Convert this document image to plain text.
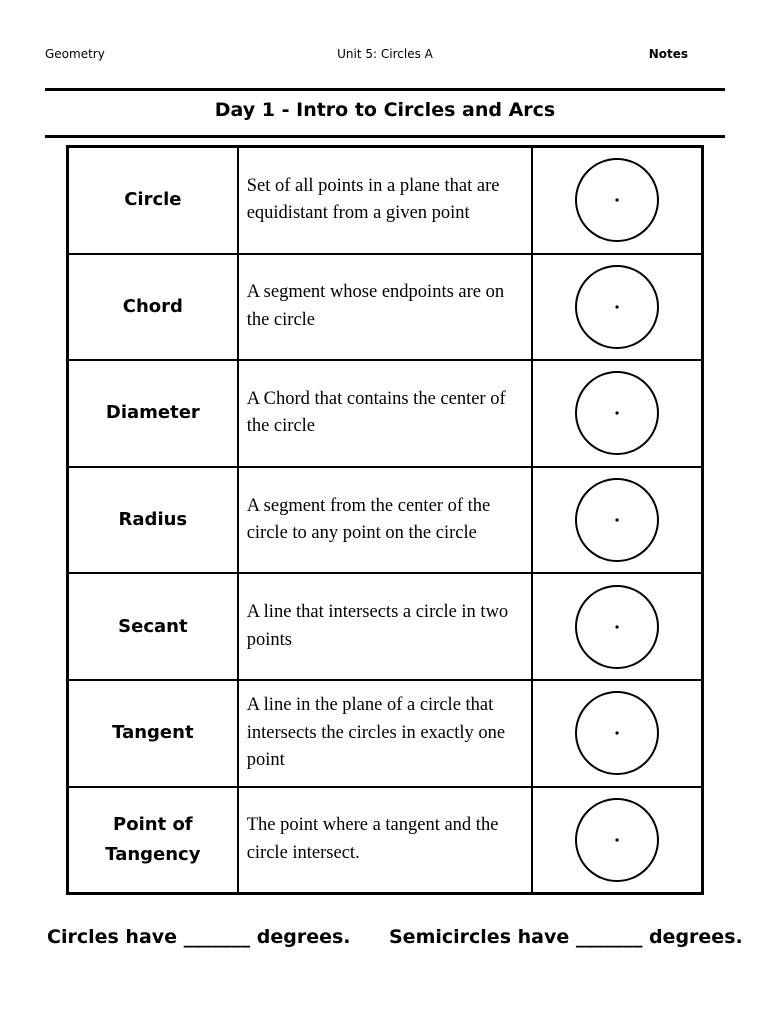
Geometry	Unit 5: Circles A	Notes
Day 1 - Intro to Circles and Arcs
Circle	Set of all points in a plane that are equidistant from a given point	

Chord	A segment whose endpoints are on the circle	

Diameter	A Chord that contains the center of the circle	

Radius	A segment from the center of the circle to any point on the circle	

Secant	A line that intersects a circle in two points	

Tangent	A line in the plane of a circle that intersects the circles in exactly one point	

Point of Tangency	The point where a tangent and the circle intersect.	
Circles have _______ degrees. Semicircles have _______ degrees.
